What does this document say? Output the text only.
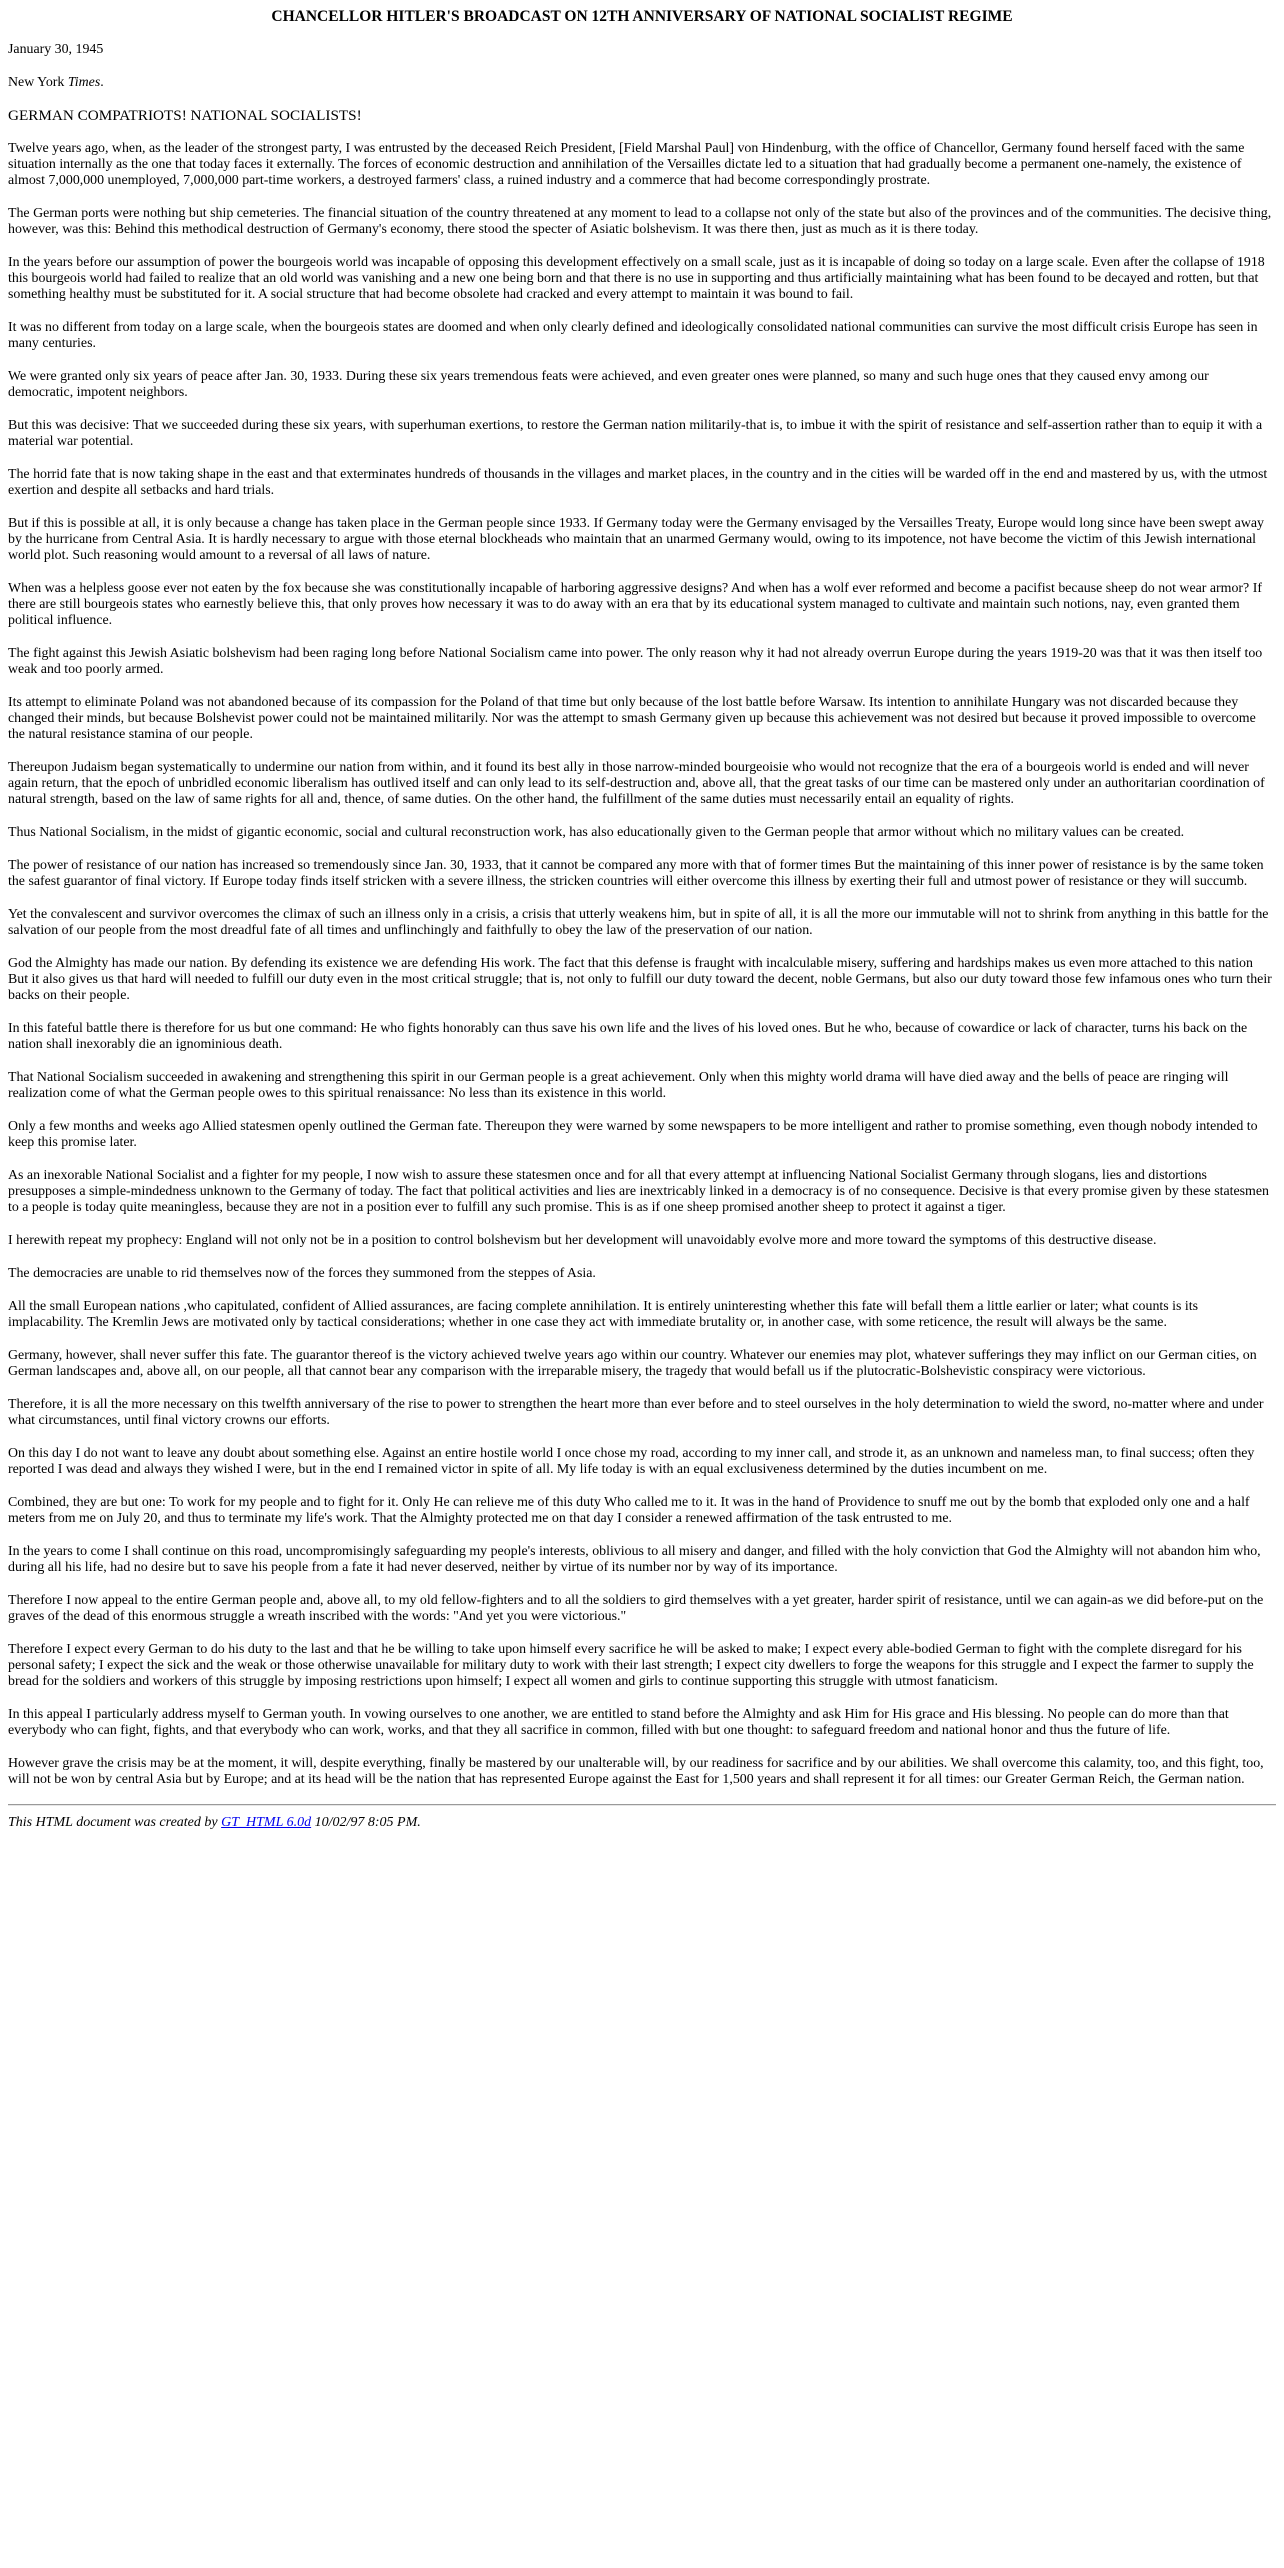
CHANCELLOR HITLER'S BROADCAST ON 12TH ANNIVERSARY OF NATIONAL SOCIALIST REGIME

January 30, 1945

New York Times.

GERMAN COMPATRIOTS! NATIONAL SOCIALISTS!

Twelve years ago, when, as the leader of the strongest party, I was entrusted by the deceased Reich President, [Field Marshal Paul] von Hindenburg, with the office of Chancellor, Germany found herself faced with the same situation internally as the one that today faces it externally. The forces of economic destruction and annihilation of the Versailles dictate led to a situation that had gradually become a permanent one-namely, the existence of almost 7,000,000 unemployed, 7,000,000 part-time workers, a destroyed farmers' class, a ruined industry and a commerce that had become correspondingly prostrate.

The German ports were nothing but ship cemeteries. The financial situation of the country threatened at any moment to lead to a collapse not only of the state but also of the provinces and of the communities. The decisive thing, however, was this: Behind this methodical destruction of Germany's economy, there stood the specter of Asiatic bolshevism. It was there then, just as much as it is there today.

In the years before our assumption of power the bourgeois world was incapable of opposing this development effectively on a small scale, just as it is incapable of doing so today on a large scale. Even after the collapse of 1918 this bourgeois world had failed to realize that an old world was vanishing and a new one being born and that there is no use in supporting and thus artificially maintaining what has been found to be decayed and rotten, but that something healthy must be substituted for it. A social structure that had become obsolete had cracked and every attempt to maintain it was bound to fail.

It was no different from today on a large scale, when the bourgeois states are doomed and when only clearly defined and ideologically consolidated national communities can survive the most difficult crisis Europe has seen in many centuries.

We were granted only six years of peace after Jan. 30, 1933. During these six years tremendous feats were achieved, and even greater ones were planned, so many and such huge ones that they caused envy among our democratic, impotent neighbors.

But this was decisive: That we succeeded during these six years, with superhuman exertions, to restore the German nation militarily-that is, to imbue it with the spirit of resistance and self-assertion rather than to equip it with a material war potential.

The horrid fate that is now taking shape in the east and that exterminates hundreds of thousands in the villages and market places, in the country and in the cities will be warded off in the end and mastered by us, with the utmost exertion and despite all setbacks and hard trials.

But if this is possible at all, it is only because a change has taken place in the German people since 1933. If Germany today were the Germany envisaged by the Versailles Treaty, Europe would long since have been swept away by the hurricane from Central Asia. It is hardly necessary to argue with those eternal blockheads who maintain that an unarmed Germany would, owing to its impotence, not have become the victim of this Jewish international world plot. Such reasoning would amount to a reversal of all laws of nature.

When was a helpless goose ever not eaten by the fox because she was constitutionally incapable of harboring aggressive designs? And when has a wolf ever reformed and become a pacifist because sheep do not wear armor? If there are still bourgeois states who earnestly believe this, that only proves how necessary it was to do away with an era that by its educational system managed to cultivate and maintain such notions, nay, even granted them political influence.

The fight against this Jewish Asiatic bolshevism had been raging long before National Socialism came into power. The only reason why it had not already overrun Europe during the years 1919-20 was that it was then itself too weak and too poorly armed.

Its attempt to eliminate Poland was not abandoned because of its compassion for the Poland of that time but only because of the lost battle before Warsaw. Its intention to annihilate Hungary was not discarded because they changed their minds, but because Bolshevist power could not be maintained militarily. Nor was the attempt to smash Germany given up because this achievement was not desired but because it proved impossible to overcome the natural resistance stamina of our people.

Thereupon Judaism began systematically to undermine our nation from within, and it found its best ally in those narrow-minded bourgeoisie who would not recognize that the era of a bourgeois world is ended and will never again return, that the epoch of unbridled economic liberalism has outlived itself and can only lead to its self-destruction and, above all, that the great tasks of our time can be mastered only under an authoritarian coordination of natural strength, based on the law of same rights for all and, thence, of same duties. On the other hand, the fulfillment of the same duties must necessarily entail an equality of rights.

Thus National Socialism, in the midst of gigantic economic, social and cultural reconstruction work, has also educationally given to the German people that armor without which no military values can be created.

The power of resistance of our nation has increased so tremendously since Jan. 30, 1933, that it cannot be compared any more with that of former times But the maintaining of this inner power of resistance is by the same token the safest guarantor of final victory. If Europe today finds itself stricken with a severe illness, the stricken countries will either overcome this illness by exerting their full and utmost power of resistance or they will succumb.

Yet the convalescent and survivor overcomes the climax of such an illness only in a crisis, a crisis that utterly weakens him, but in spite of all, it is all the more our immutable will not to shrink from anything in this battle for the salvation of our people from the most dreadful fate of all times and unflinchingly and faithfully to obey the law of the preservation of our nation.

God the Almighty has made our nation. By defending its existence we are defending His work. The fact that this defense is fraught with incalculable misery, suffering and hardships makes us even more attached to this nation But it also gives us that hard will needed to fulfill our duty even in the most critical struggle; that is, not only to fulfill our duty toward the decent, noble Germans, but also our duty toward those few infamous ones who turn their backs on their people.

In this fateful battle there is therefore for us but one command: He who fights honorably can thus save his own life and the lives of his loved ones. But he who, because of cowardice or lack of character, turns his back on the nation shall inexorably die an ignominious death.

That National Socialism succeeded in awakening and strengthening this spirit in our German people is a great achievement. Only when this mighty world drama will have died away and the bells of peace are ringing will realization come of what the German people owes to this spiritual renaissance: No less than its existence in this world.

Only a few months and weeks ago Allied statesmen openly outlined the German fate. Thereupon they were warned by some newspapers to be more intelligent and rather to promise something, even though nobody intended to keep this promise later.

As an inexorable National Socialist and a fighter for my people, I now wish to assure these statesmen once and for all that every attempt at influencing National Socialist Germany through slogans, lies and distortions presupposes a simple-mindedness unknown to the Germany of today. The fact that political activities and lies are inextricably linked in a democracy is of no consequence. Decisive is that every promise given by these statesmen to a people is today quite meaningless, because they are not in a position ever to fulfill any such promise. This is as if one sheep promised another sheep to protect it against a tiger.

I herewith repeat my prophecy: England will not only not be in a position to control bolshevism but her development will unavoidably evolve more and more toward the symptoms of this destructive disease.

The democracies are unable to rid themselves now of the forces they summoned from the steppes of Asia.

All the small European nations ,who capitulated, confident of Allied assurances, are facing complete annihilation. It is entirely uninteresting whether this fate will befall them a little earlier or later; what counts is its implacability. The Kremlin Jews are motivated only by tactical considerations; whether in one case they act with immediate brutality or, in another case, with some reticence, the result will always be the same.

Germany, however, shall never suffer this fate. The guarantor thereof is the victory achieved twelve years ago within our country. Whatever our enemies may plot, whatever sufferings they may inflict on our German cities, on German landscapes and, above all, on our people, all that cannot bear any comparison with the irreparable misery, the tragedy that would befall us if the plutocratic-Bolshevistic conspiracy were victorious.

Therefore, it is all the more necessary on this twelfth anniversary of the rise to power to strengthen the heart more than ever before and to steel ourselves in the holy determination to wield the sword, no-matter where and under what circumstances, until final victory crowns our efforts.

On this day I do not want to leave any doubt about something else. Against an entire hostile world I once chose my road, according to my inner call, and strode it, as an unknown and nameless man, to final success; often they reported I was dead and always they wished I were, but in the end I remained victor in spite of all. My life today is with an equal exclusiveness determined by the duties incumbent on me.

Combined, they are but one: To work for my people and to fight for it. Only He can relieve me of this duty Who called me to it. It was in the hand of Providence to snuff me out by the bomb that exploded only one and a half meters from me on July 20, and thus to terminate my life's work. That the Almighty protected me on that day I consider a renewed affirmation of the task entrusted to me.

In the years to come I shall continue on this road, uncompromisingly safeguarding my people's interests, oblivious to all misery and danger, and filled with the holy conviction that God the Almighty will not abandon him who, during all his life, had no desire but to save his people from a fate it had never deserved, neither by virtue of its number nor by way of its importance.

Therefore I now appeal to the entire German people and, above all, to my old fellow-fighters and to all the soldiers to gird themselves with a yet greater, harder spirit of resistance, until we can again-as we did before-put on the graves of the dead of this enormous struggle a wreath inscribed with the words: "And yet you were victorious."

Therefore I expect every German to do his duty to the last and that he be willing to take upon himself every sacrifice he will be asked to make; I expect every able-bodied German to fight with the complete disregard for his personal safety; I expect the sick and the weak or those otherwise unavailable for military duty to work with their last strength; I expect city dwellers to forge the weapons for this struggle and I expect the farmer to supply the bread for the soldiers and workers of this struggle by imposing restrictions upon himself; I expect all women and girls to continue supporting this struggle with utmost fanaticism.

In this appeal I particularly address myself to German youth. In vowing ourselves to one another, we are entitled to stand before the Almighty and ask Him for His grace and His blessing. No people can do more than that everybody who can fight, fights, and that everybody who can work, works, and that they all sacrifice in common, filled with but one thought: to safeguard freedom and national honor and thus the future of life.

However grave the crisis may be at the moment, it will, despite everything, finally be mastered by our unalterable will, by our readiness for sacrifice and by our abilities. We shall overcome this calamity, too, and this fight, too, will not be won by central Asia but by Europe; and at its head will be the nation that has represented Europe against the East for 1,500 years and shall represent it for all times: our Greater German Reich, the German nation.

This HTML document was created by GT_HTML 6.0d 10/02/97 8:05 PM.
